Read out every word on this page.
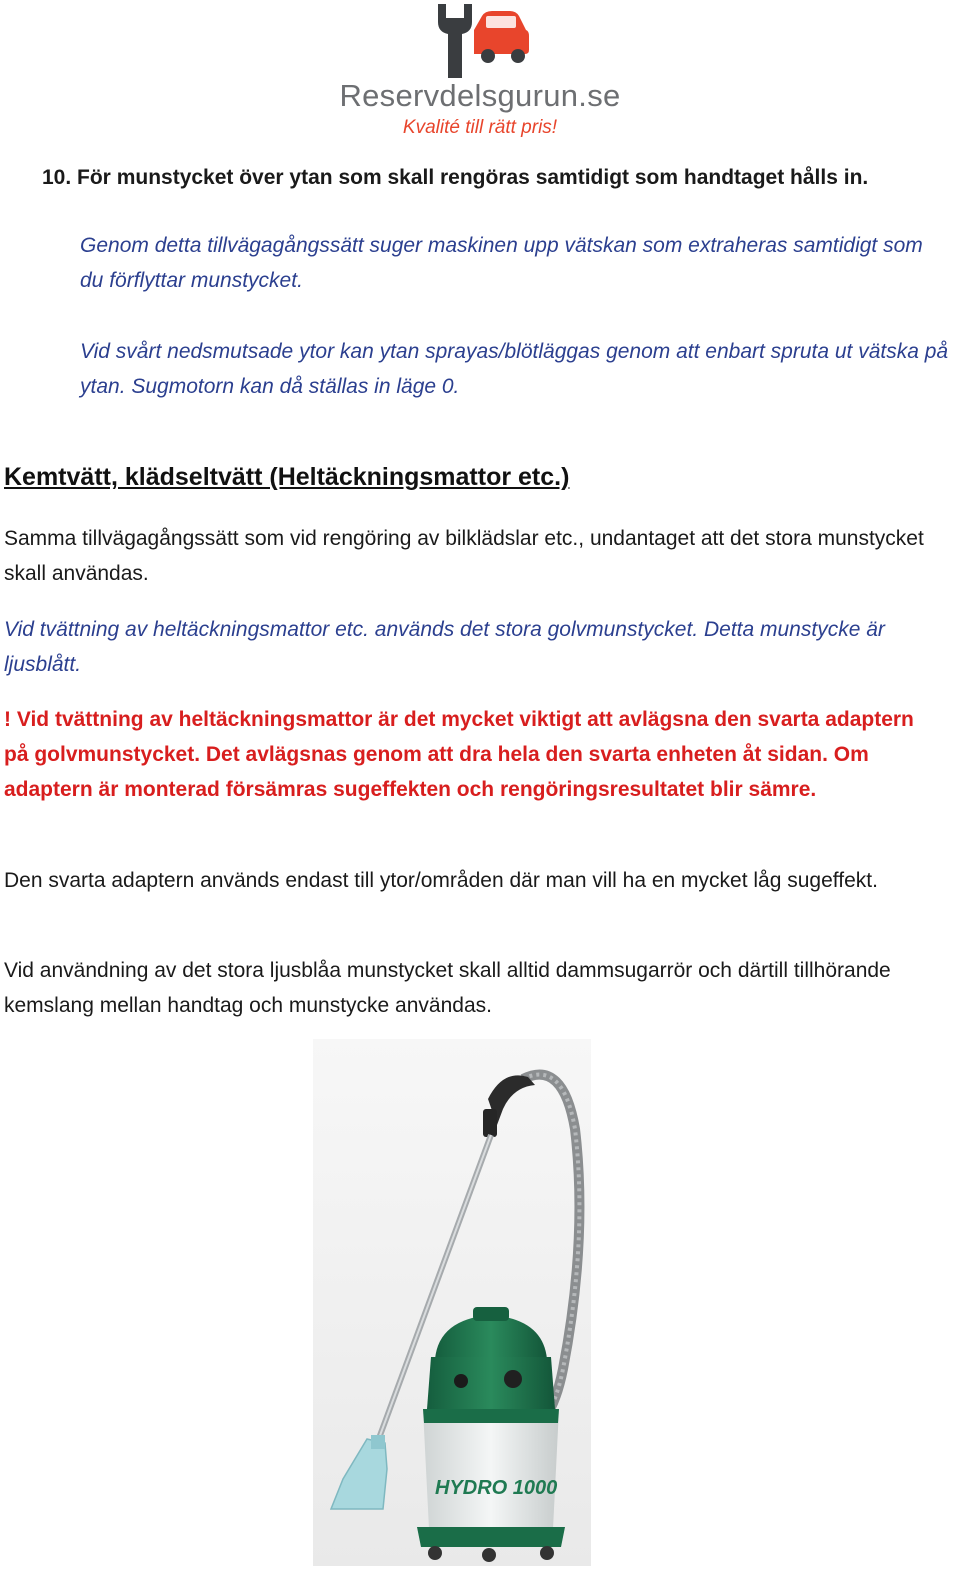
Reservdelsgurun.se
Kvalité till rätt pris!

10. För munstycket över ytan som skall rengöras samtidigt som handtaget hålls in.

Genom detta tillvägagångssätt suger maskinen upp vätskan som extraheras samtidigt som du förflyttar munstycket.

Vid svårt nedsmutsade ytor kan ytan sprayas/blötläggas genom att enbart spruta ut vätska på ytan. Sugmotorn kan då ställas in läge 0.

Kemtvätt, klädseltvätt (Heltäckningsmattor etc.)

Samma tillvägagångssätt som vid rengöring av bilklädslar etc., undantaget att det stora munstycket skall användas.

Vid tvättning av heltäckningsmattor etc. används det stora golvmunstycket. Detta munstycke är ljusblått.

! Vid tvättning av heltäckningsmattor är det mycket viktigt att avlägsna den svarta adaptern på golvmunstycket. Det avlägsnas genom att dra hela den svarta enheten åt sidan. Om adaptern är monterad försämras sugeffekten och rengöringsresultatet blir sämre.

Den svarta adaptern används endast till ytor/områden där man vill ha en mycket låg sugeffekt.

Vid användning av det stora ljusblåa munstycket skall alltid dammsugarrör och därtill tillhörande kemslang mellan handtag och munstycke användas.

HYDRO 1000
